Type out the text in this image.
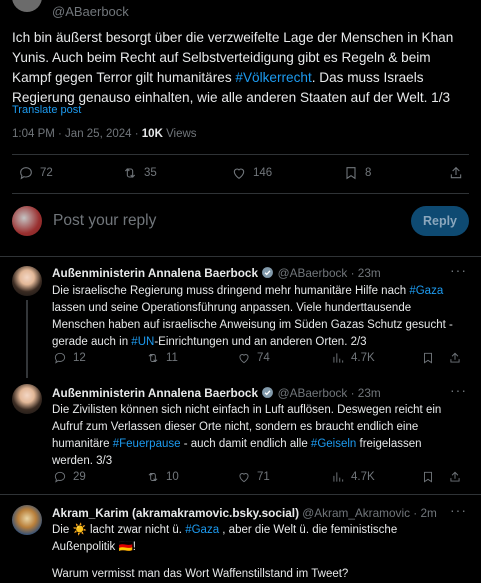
@ABaerbock
Ich bin äußerst besorgt über die verzweifelte Lage der Menschen in Khan Yunis. Auch beim Recht auf Selbstverteidigung gibt es Regeln & beim Kampf gegen Terror gilt humanitäres #Völkerrecht. Das muss Israels Regierung genauso einhalten, wie alle anderen Staaten auf der Welt. 1/3
Translate post
1:04 PM · Jan 25, 2024 · 10K Views
72	35	146	8
Post your reply	Reply
Außenministerin Annalena Baerbock @ABaerbock · 23m	···
Die israelische Regierung muss dringend mehr humanitäre Hilfe nach #Gaza lassen und seine Operationsführung anpassen. Viele hunderttausende Menschen haben auf israelische Anweisung im Süden Gazas Schutz gesucht - gerade auch in #UN-Einrichtungen und an anderen Orten. 2/3
12	11	74	4.7K
Außenministerin Annalena Baerbock @ABaerbock · 23m	···
Die Zivilisten können sich nicht einfach in Luft auflösen. Deswegen reicht ein Aufruf zum Verlassen dieser Orte nicht, sondern es braucht endlich eine humanitäre #Feuerpause - auch damit endlich alle #Geiseln freigelassen werden. 3/3
29	10	71	4.7K
Akram_Karim (akramakramovic.bsky.social) @Akram_Akramovic · 2m ···
Die ☀️ lacht zwar nicht ü. #Gaza , aber die Welt ü. die feministische Außenpolitik 🇩🇪!
Warum vermisst man das Wort Waffenstillstand im Tweet?
